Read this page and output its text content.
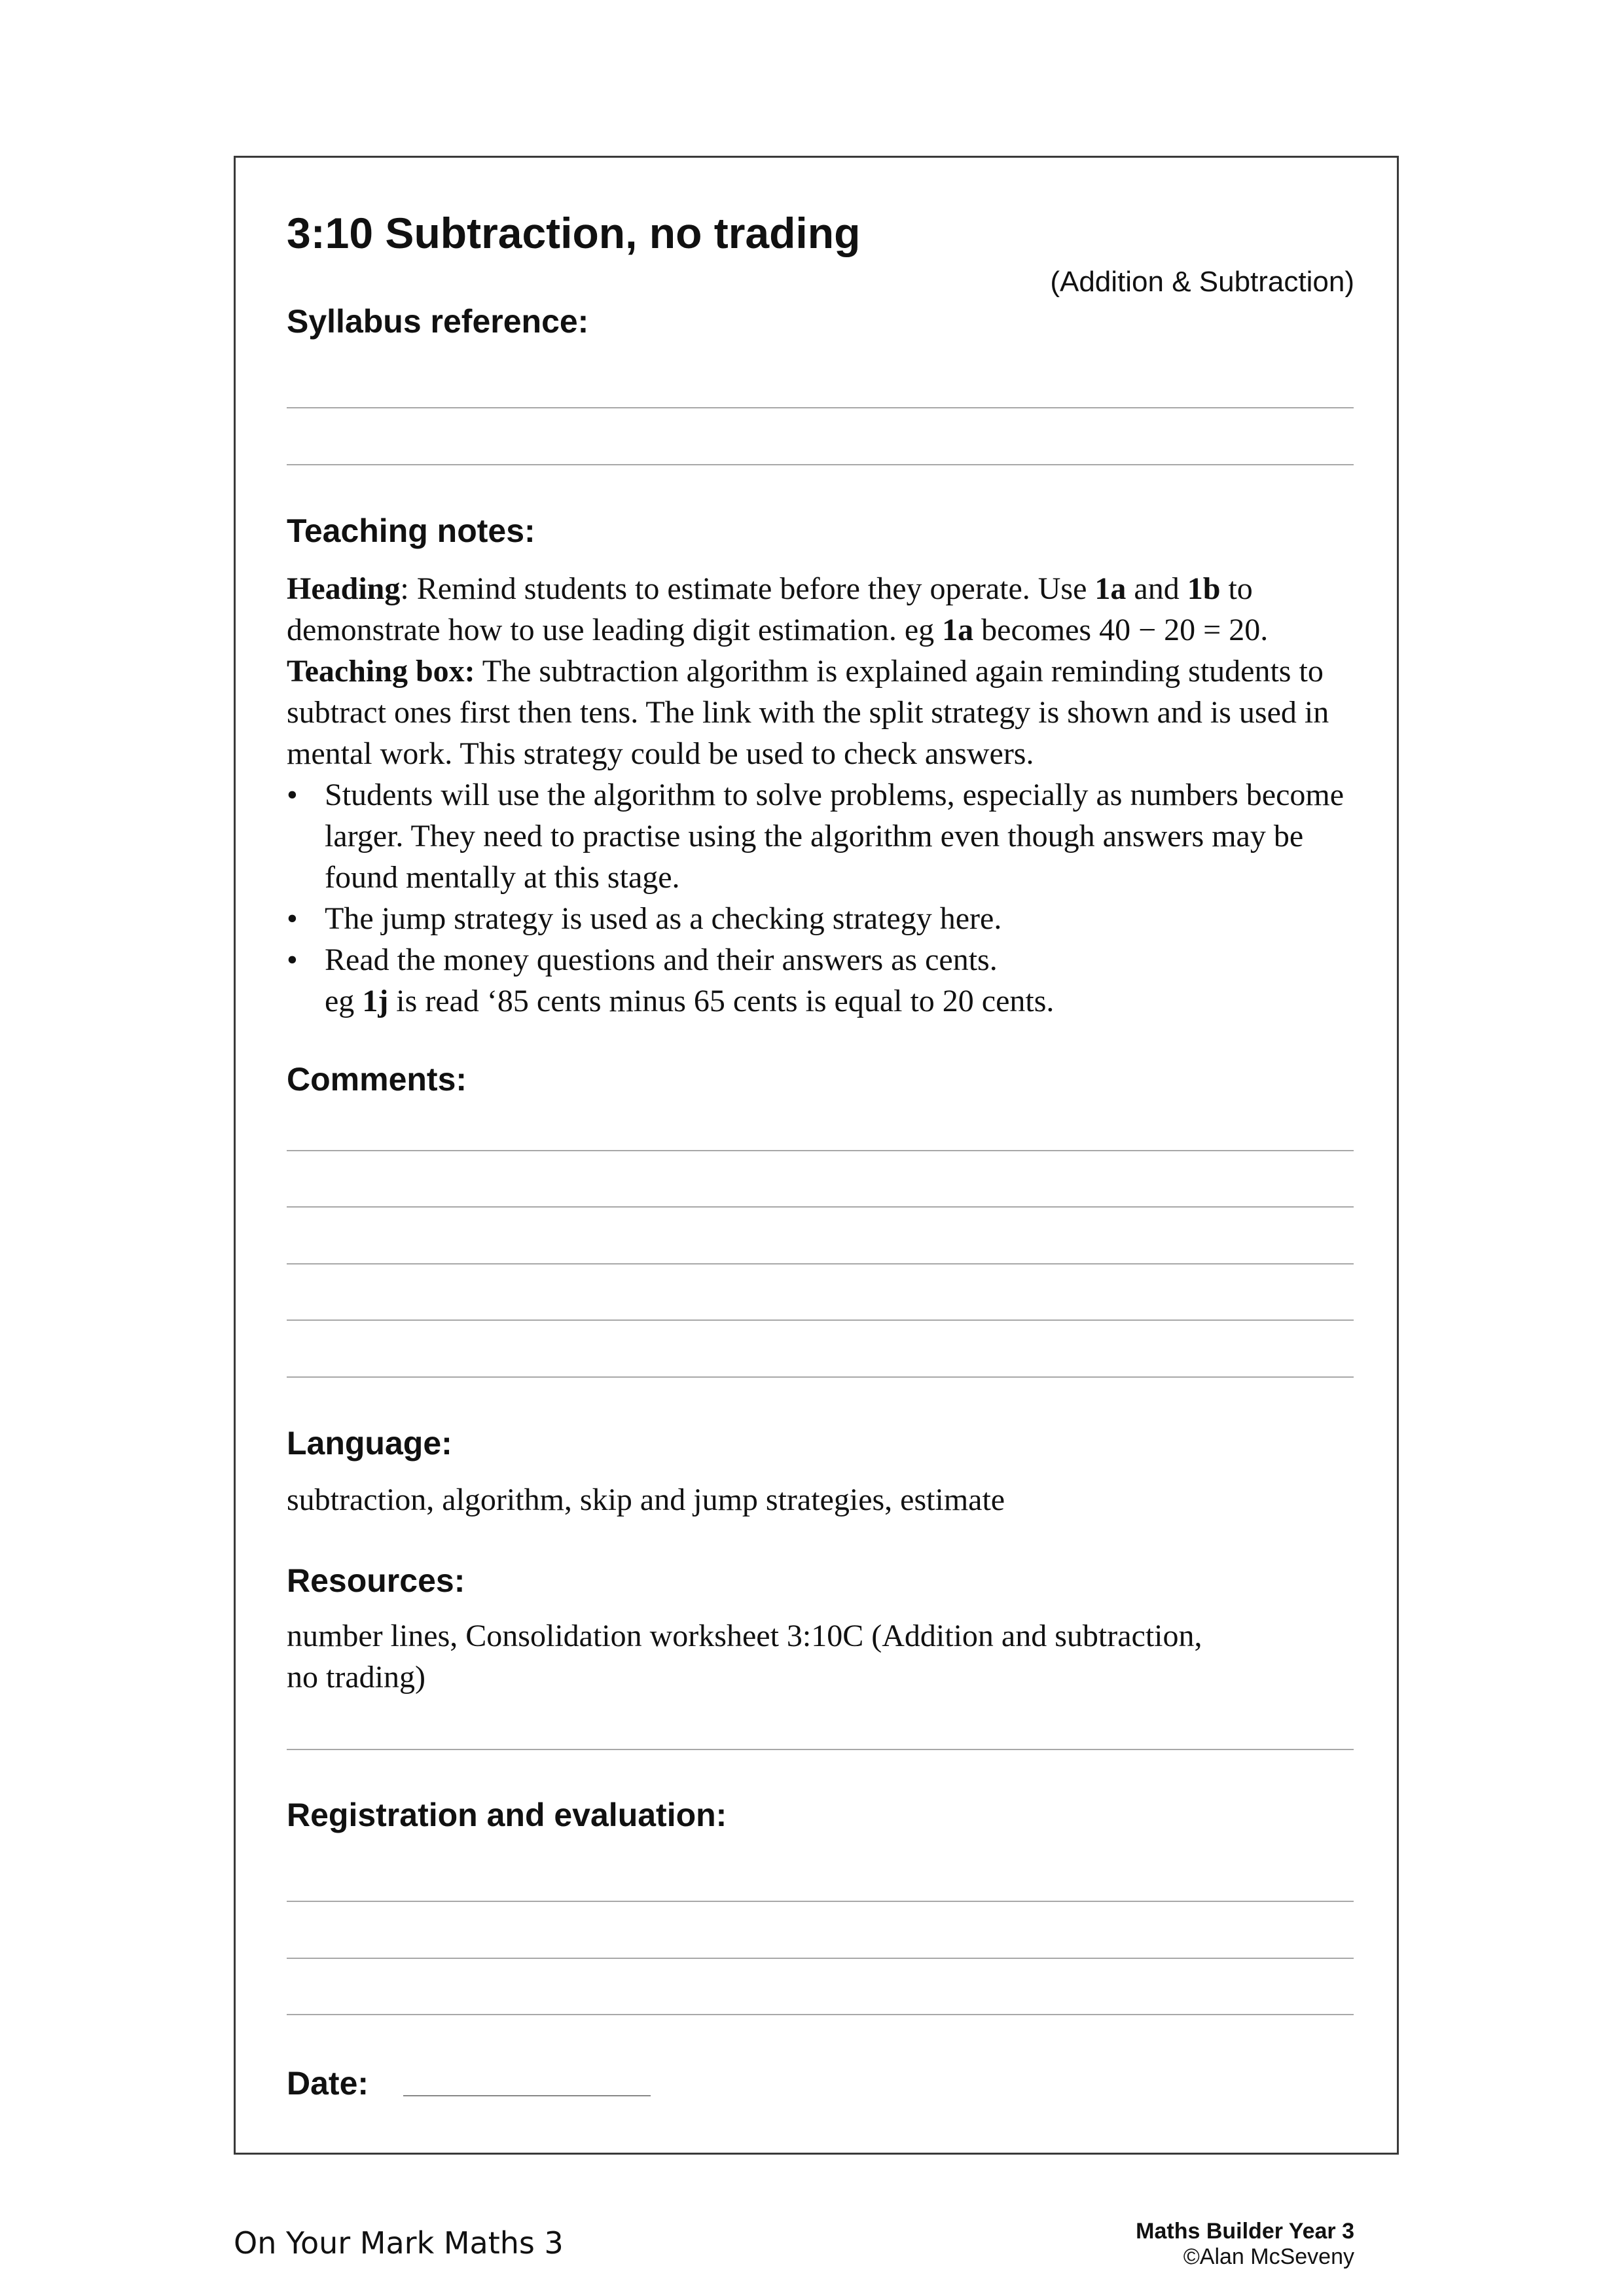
3:10 Subtraction, no trading
(Addition & Subtraction)
Syllabus reference:
Teaching notes:

Heading: Remind students to estimate before they operate. Use 1a and 1b to demonstrate how to use leading digit estimation. eg 1a becomes 40 − 20 = 20.

Teaching box: The subtraction algorithm is explained again reminding students to subtract ones first then tens. The link with the split strategy is shown and is used in mental work. This strategy could be used to check answers.

• Students will use the algorithm to solve problems, especially as numbers become larger. They need to practise using the algorithm even though answers may be found mentally at this stage.
• The jump strategy is used as a checking strategy here.
• Read the money questions and their answers as cents.

eg 1j is read ‘85 cents minus 65 cents is equal to 20 cents.

Comments:
Language:
subtraction, algorithm, skip and jump strategies, estimate
Resources:

number lines, Consolidation worksheet 3:10C (Addition and subtraction,

no trading)

Registration and evaluation:
Date:
On Your Mark Maths 3	Maths Builder Year 3
©Alan McSeveny
